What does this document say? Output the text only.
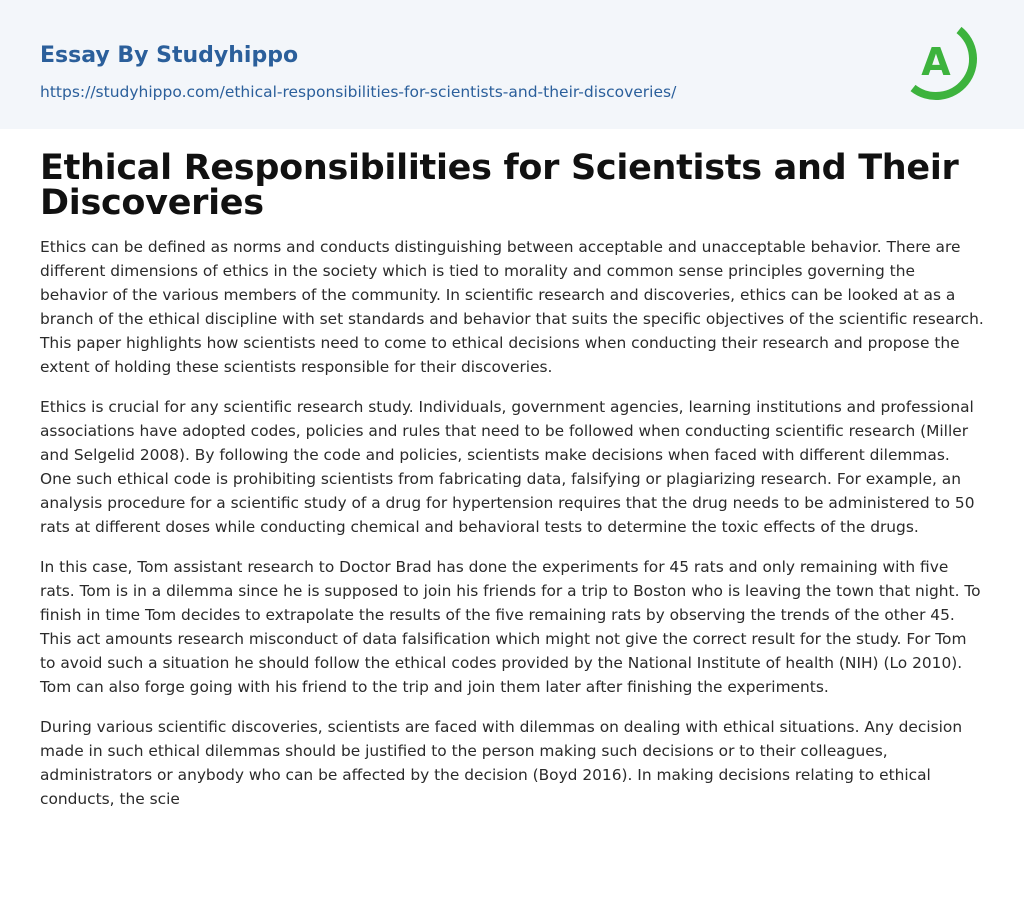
Essay By Studyhippo
https://studyhippo.com/ethical-responsibilities-for-scientists-and-their-discoveries/
A
Ethical Responsibilities for Scientists and Their Discoveries

Ethics can be defined as norms and conducts distinguishing between acceptable and unacceptable behavior. There are different dimensions of ethics in the society which is tied to morality and common sense principles governing the behavior of the various members of the community. In scientific research and discoveries, ethics can be looked at as a branch of the ethical discipline with set standards and behavior that suits the specific objectives of the scientific research. This paper highlights how scientists need to come to ethical decisions when conducting their research and propose the extent of holding these scientists responsible for their discoveries.

Ethics is crucial for any scientific research study. Individuals, government agencies, learning institutions and professional associations have adopted codes, policies and rules that need to be followed when conducting scientific research (Miller and Selgelid 2008). By following the code and policies, scientists make decisions when faced with different dilemmas. One such ethical code is prohibiting scientists from fabricating data, falsifying or plagiarizing research. For example, an analysis procedure for a scientific study of a drug for hypertension requires that the drug needs to be administered to 50 rats at different doses while conducting chemical and behavioral tests to determine the toxic effects of the drugs.

In this case, Tom assistant research to Doctor Brad has done the experiments for 45 rats and only remaining with five rats. Tom is in a dilemma since he is supposed to join his friends for a trip to Boston who is leaving the town that night. To finish in time Tom decides to extrapolate the results of the five remaining rats by observing the trends of the other 45. This act amounts research misconduct of data falsification which might not give the correct result for the study. For Tom to avoid such a situation he should follow the ethical codes provided by the National Institute of health (NIH) (Lo 2010). Tom can also forge going with his friend to the trip and join them later after finishing the experiments.

During various scientific discoveries, scientists are faced with dilemmas on dealing with ethical situations. Any decision made in such ethical dilemmas should be justified to the person making such decisions or to their colleagues, administrators or anybody who can be affected by the decision (Boyd 2016). In making decisions relating to ethical conducts, the scie
